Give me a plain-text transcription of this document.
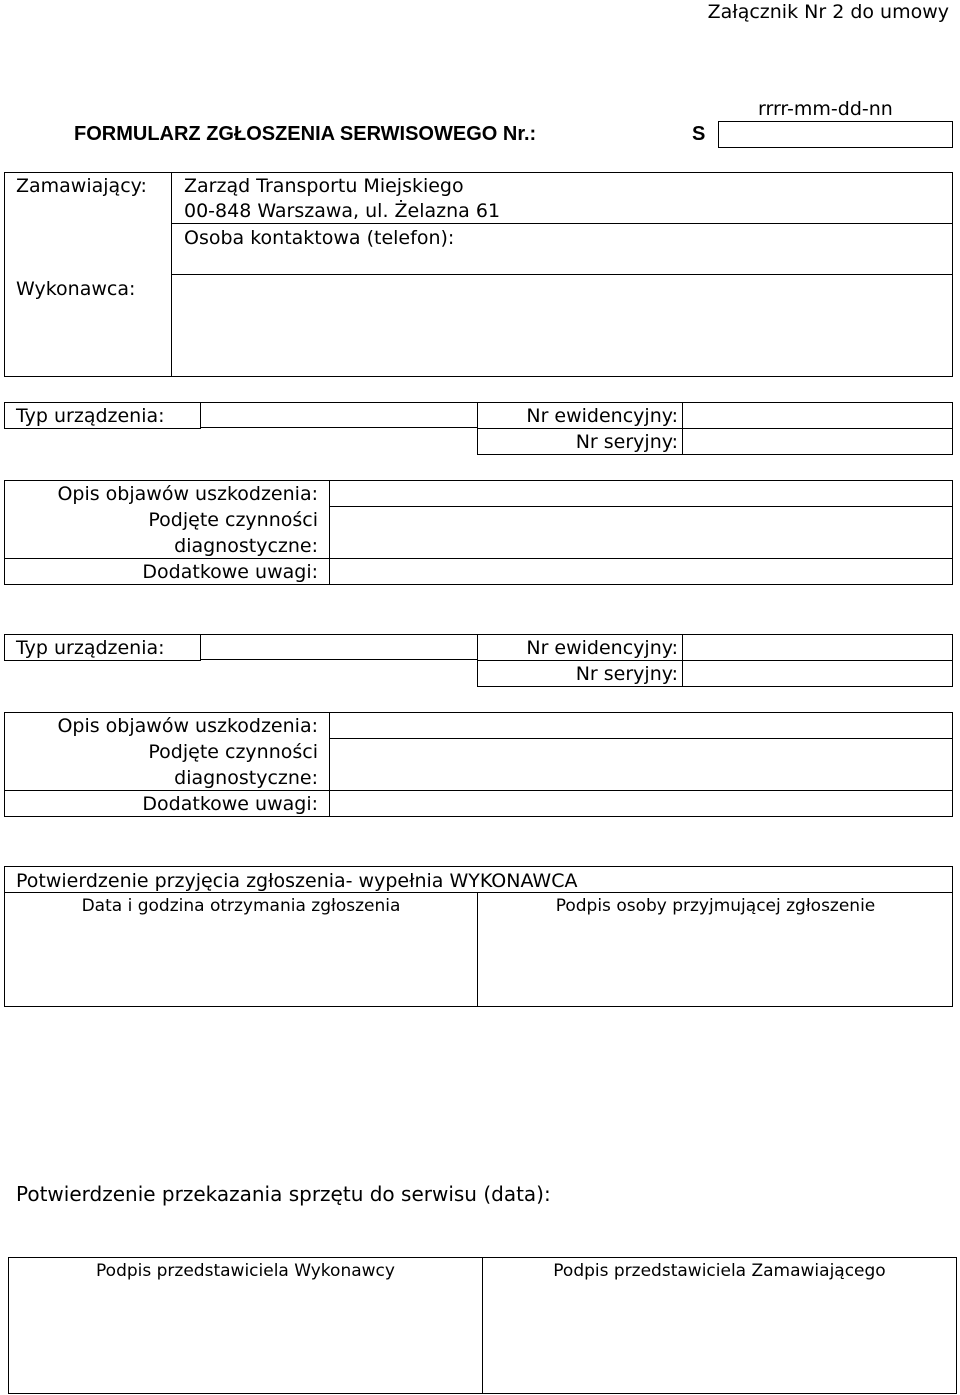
Załącznik Nr 2 do umowy
rrrr-mm-dd-nn
FORMULARZ ZGŁOSZENIA SERWISOWEGO Nr.:	S
Zamawiający: Zarząd Transportu Miejskiego
00-848 Warszawa, ul. Żelazna 61
Osoba kontaktowa (telefon):
Wykonawca:
Typ urządzenia:	Nr ewidencyjny:
Nr seryjny:
Opis objawów uszkodzenia:
Podjęte czynności
diagnostyczne:
Dodatkowe uwagi:
Typ urządzenia:	Nr ewidencyjny:
Nr seryjny:
Opis objawów uszkodzenia:
Podjęte czynności
diagnostyczne:
Dodatkowe uwagi:
Potwierdzenie przyjęcia zgłoszenia- wypełnia WYKONAWCA
Data i godzina otrzymania zgłoszenia	Podpis osoby przyjmującej zgłoszenie
Potwierdzenie przekazania sprzętu do serwisu (data):
Podpis przedstawiciela Wykonawcy	Podpis przedstawiciela Zamawiającego
